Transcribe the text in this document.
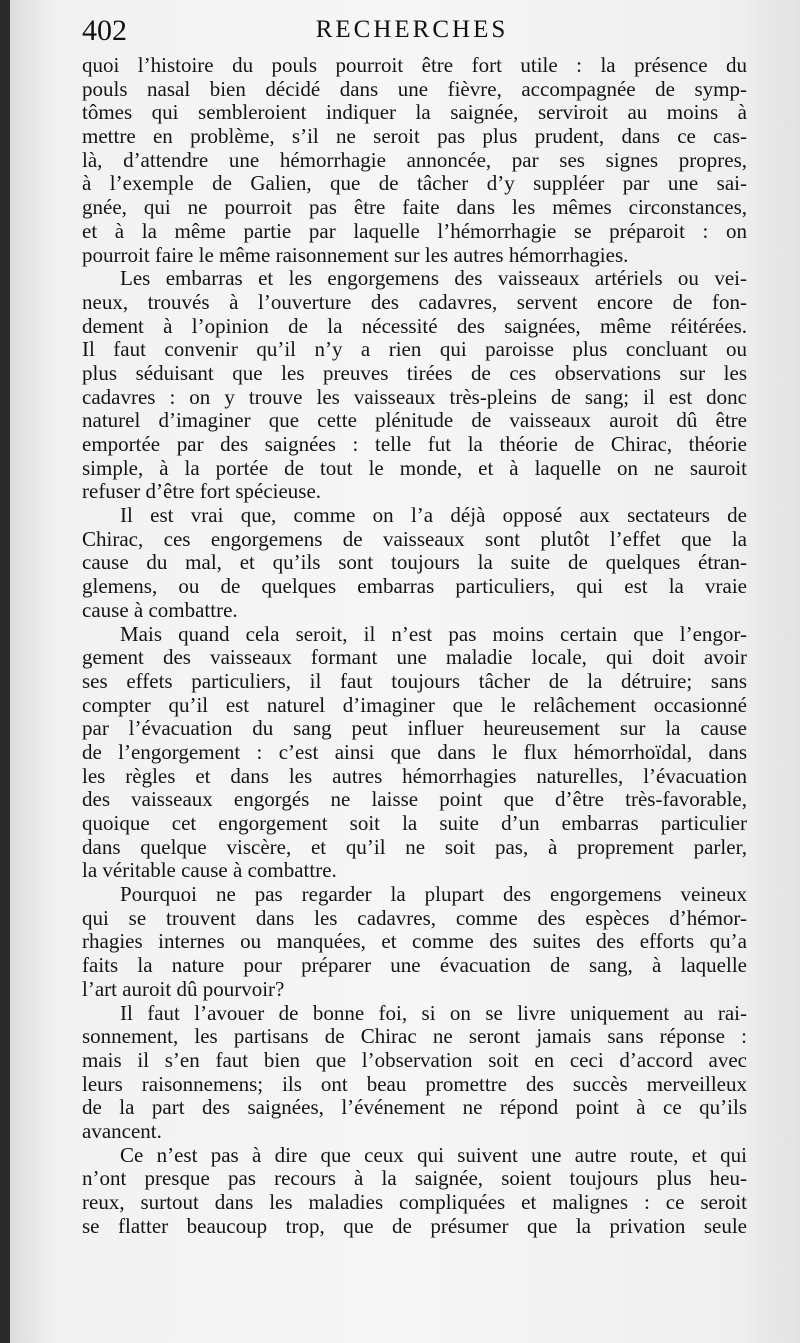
402	RECHERCHES
quoi l’histoire du pouls pourroit être fort utile : la présence du
pouls nasal bien décidé dans une fièvre, accompagnée de symp-
tômes qui sembleroient indiquer la saignée, serviroit au moins à
mettre en problème, s’il ne seroit pas plus prudent, dans ce cas-
là, d’attendre une hémorrhagie annoncée, par ses signes propres,
à l’exemple de Galien, que de tâcher d’y suppléer par une sai-
gnée, qui ne pourroit pas être faite dans les mêmes circonstances,
et à la même partie par laquelle l’hémorrhagie se préparoit : on
pourroit faire le même raisonnement sur les autres hémorrhagies.
Les embarras et les engorgemens des vaisseaux artériels ou vei-
neux, trouvés à l’ouverture des cadavres, servent encore de fon-
dement à l’opinion de la nécessité des saignées, même réitérées.
Il faut convenir qu’il n’y a rien qui paroisse plus concluant ou
plus séduisant que les preuves tirées de ces observations sur les
cadavres : on y trouve les vaisseaux très-pleins de sang; il est donc
naturel d’imaginer que cette plénitude de vaisseaux auroit dû être
emportée par des saignées : telle fut la théorie de Chirac, théorie
simple, à la portée de tout le monde, et à laquelle on ne sauroit
refuser d’être fort spécieuse.
Il est vrai que, comme on l’a déjà opposé aux sectateurs de
Chirac, ces engorgemens de vaisseaux sont plutôt l’effet que la
cause du mal, et qu’ils sont toujours la suite de quelques étran-
glemens, ou de quelques embarras particuliers, qui est la vraie
cause à combattre.
Mais quand cela seroit, il n’est pas moins certain que l’engor-
gement des vaisseaux formant une maladie locale, qui doit avoir
ses effets particuliers, il faut toujours tâcher de la détruire; sans
compter qu’il est naturel d’imaginer que le relâchement occasionné
par l’évacuation du sang peut influer heureusement sur la cause
de l’engorgement : c’est ainsi que dans le flux hémorrhoïdal, dans
les règles et dans les autres hémorrhagies naturelles, l’évacuation
des vaisseaux engorgés ne laisse point que d’être très-favorable,
quoique cet engorgement soit la suite d’un embarras particulier
dans quelque viscère, et qu’il ne soit pas, à proprement parler,
la véritable cause à combattre.
Pourquoi ne pas regarder la plupart des engorgemens veineux
qui se trouvent dans les cadavres, comme des espèces d’hémor-
rhagies internes ou manquées, et comme des suites des efforts qu’a
faits la nature pour préparer une évacuation de sang, à laquelle
l’art auroit dû pourvoir?
Il faut l’avouer de bonne foi, si on se livre uniquement au rai-
sonnement, les partisans de Chirac ne seront jamais sans réponse :
mais il s’en faut bien que l’observation soit en ceci d’accord avec
leurs raisonnemens; ils ont beau promettre des succès merveilleux
de la part des saignées, l’événement ne répond point à ce qu’ils
avancent.
Ce n’est pas à dire que ceux qui suivent une autre route, et qui
n’ont presque pas recours à la saignée, soient toujours plus heu-
reux, surtout dans les maladies compliquées et malignes : ce seroit
se flatter beaucoup trop, que de présumer que la privation seule
